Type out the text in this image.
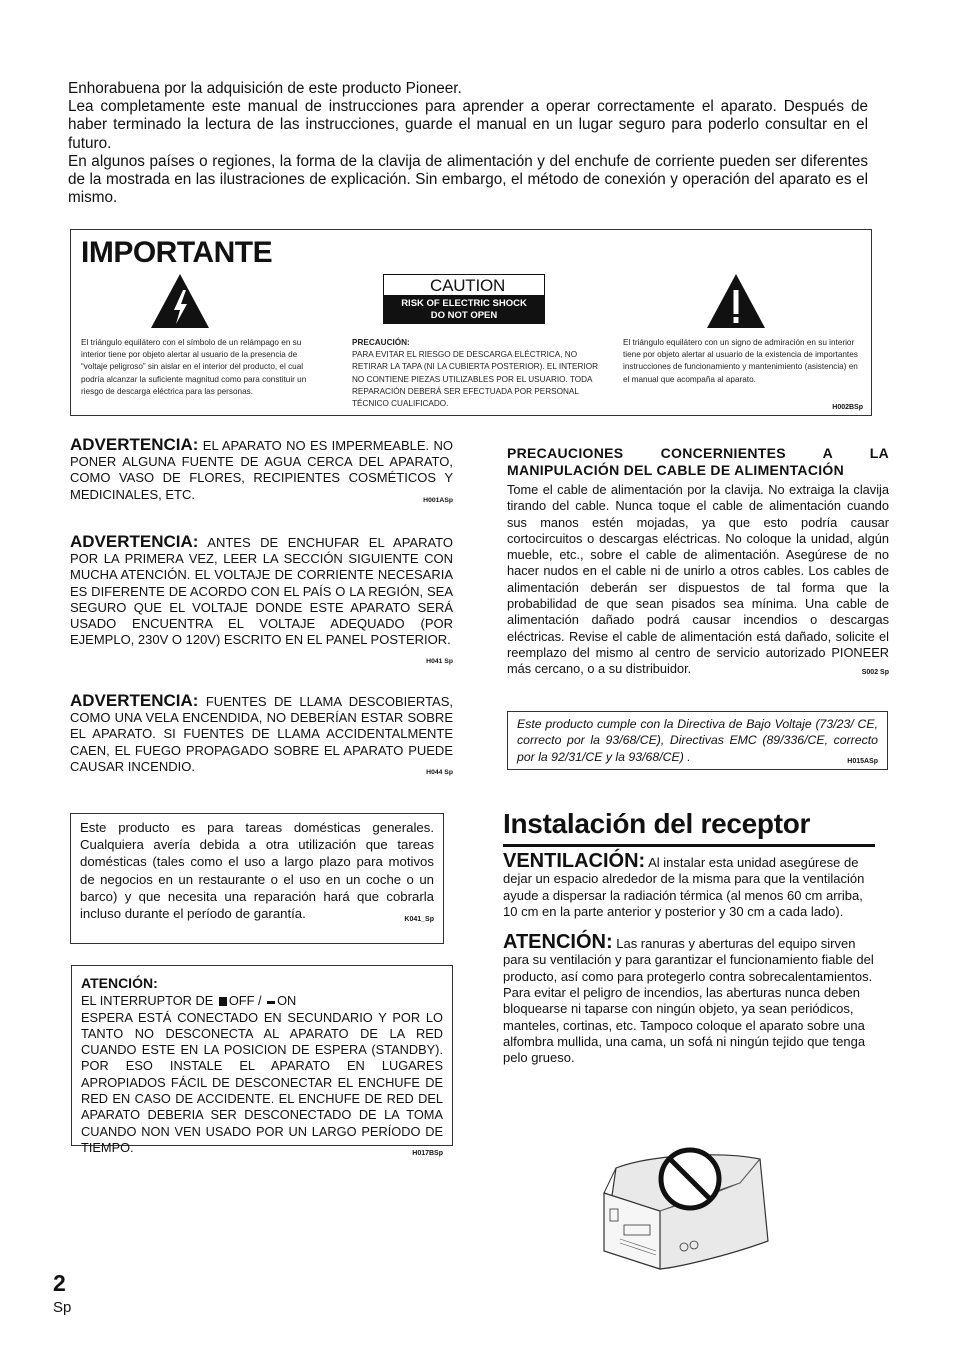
Enhorabuena por la adquisición de este producto Pioneer.

Lea completamente este manual de instrucciones para aprender a operar correctamente el aparato. Después de haber terminado la lectura de las instrucciones, guarde el manual en un lugar seguro para poderlo consultar en el futuro.

En algunos países o regiones, la forma de la clavija de alimentación y del enchufe de corriente pueden ser diferentes de la mostrada en las ilustraciones de explicación. Sin embargo, el método de conexión y operación del aparato es el mismo.

IMPORTANTE
CAUTION
RISK OF ELECTRIC SHOCK
DO NOT OPEN
El triángulo equilátero con el símbolo de un relámpago en su interior tiene por objeto alertar al usuario de la presencia de “voltaje peligroso” sin aislar en el interior del producto, el cual podría alcanzar la suficiente magnitud como para constituir un riesgo de descarga eléctrica para las personas.
PRECAUCIÓN:
PARA EVITAR EL RIESGO DE DESCARGA ELÉCTRICA, NO RETIRAR LA TAPA (NI LA CUBIERTA POSTERIOR). EL INTERIOR NO CONTIENE PIEZAS UTILIZABLES POR EL USUARIO. TODA REPARACIÓN DEBERÁ SER EFECTUADA POR PERSONAL TÉCNICO CUALIFICADO.
El triángulo equilátero con un signo de admiración en su interior tiene por objeto alertar al usuario de la existencia de importantes instrucciones de funcionamiento y mantenimiento (asistencia) en el manual que acompaña al aparato.
H002BSp
ADVERTENCIA: EL APARATO NO ES IMPERMEABLE. NO PONER ALGUNA FUENTE DE AGUA CERCA DEL APARATO, COMO VASO DE FLORES, RECIPIENTES COSMÉTICOS Y MEDICINALES, ETC.	H001ASp
ADVERTENCIA: ANTES DE ENCHUFAR EL APARATO POR LA PRIMERA VEZ, LEER LA SECCIÓN SIGUIENTE CON MUCHA ATENCIÓN. EL VOLTAJE DE CORRIENTE NECESARIA ES DIFERENTE DE ACORDO CON EL PAÍS O LA REGIÓN, SEA SEGURO QUE EL VOLTAJE DONDE ESTE APARATO SERÁ USADO ENCUENTRA EL VOLTAJE ADEQUADO (POR EJEMPLO, 230V O 120V) ESCRITO EN EL PANEL POSTERIOR.
H041 Sp
ADVERTENCIA: FUENTES DE LLAMA DESCOBIERTAS, COMO UNA VELA ENCENDIDA, NO DEBERÍAN ESTAR SOBRE EL APARATO. SI FUENTES DE LLAMA ACCIDENTALMENTE CAEN, EL FUEGO PROPAGADO SOBRE EL APARATO PUEDE CAUSAR INCENDIO.	H044 Sp
Este producto es para tareas domésticas generales. Cualquiera avería debida a otra utilización que tareas domésticas (tales como el uso a largo plazo para motivos de negocios en un restaurante o el uso en un coche o un barco) y que necesita una reparación hará que cobrarla incluso durante el período de garantía.	K041_Sp
ATENCIÓN:
EL INTERRUPTOR DE OFF / ON
ESPERA ESTÁ CONECTADO EN SECUNDARIO Y POR LO TANTO NO DESCONECTA AL APARATO DE LA RED CUANDO ESTE EN LA POSICION DE ESPERA (STANDBY). POR ESO INSTALE EL APARATO EN LUGARES APROPIADOS FÁCIL DE DESCONECTAR EL ENCHUFE DE RED EN CASO DE ACCIDENTE. EL ENCHUFE DE RED DEL APARATO DEBERIA SER DESCONECTADO DE LA TOMA CUANDO NON VEN USADO POR UN LARGO PERÍODO DE TIEMPO.	H017BSp
PRECAUCIONES CONCERNIENTES A LA MANIPULACIÓN DEL CABLE DE ALIMENTACIÓN
Tome el cable de alimentación por la clavija. No extraiga la clavija tirando del cable. Nunca toque el cable de alimentación cuando sus manos estén mojadas, ya que esto podría causar cortocircuitos o descargas eléctricas. No coloque la unidad, algún mueble, etc., sobre el cable de alimentación. Asegúrese de no hacer nudos en el cable ni de unirlo a otros cables. Los cables de alimentación deberán ser dispuestos de tal forma que la probabilidad de que sean pisados sea mínima. Una cable de alimentación dañado podrá causar incendios o descargas eléctricas. Revise el cable de alimentación está dañado, solicite el reemplazo del mismo al centro de servicio autorizado PIONEER más cercano, o a su distribuidor.	S002 Sp
Este producto cumple con la Directiva de Bajo Voltaje (73/23/ CE, correcto por la 93/68/CE), Directivas EMC (89/336/CE, correcto por la 92/31/CE y la 93/68/CE) .	H015ASp
Instalación del receptor
VENTILACIÓN: Al instalar esta unidad asegúrese de dejar un espacio alrededor de la misma para que la ventilación ayude a dispersar la radiación térmica (al menos 60 cm arriba, 10 cm en la parte anterior y posterior y 30 cm a cada lado).
ATENCIÓN: Las ranuras y aberturas del equipo sirven para su ventilación y para garantizar el funcionamiento fiable del producto, así como para protegerlo contra sobrecalentamientos. Para evitar el peligro de incendios, las aberturas nunca deben bloquearse ni taparse con ningún objeto, ya sean periódicos, manteles, cortinas, etc. Tampoco coloque el aparato sobre una alfombra mullida, una cama, un sofá ni ningún tejido que tenga pelo grueso.
2
Sp
